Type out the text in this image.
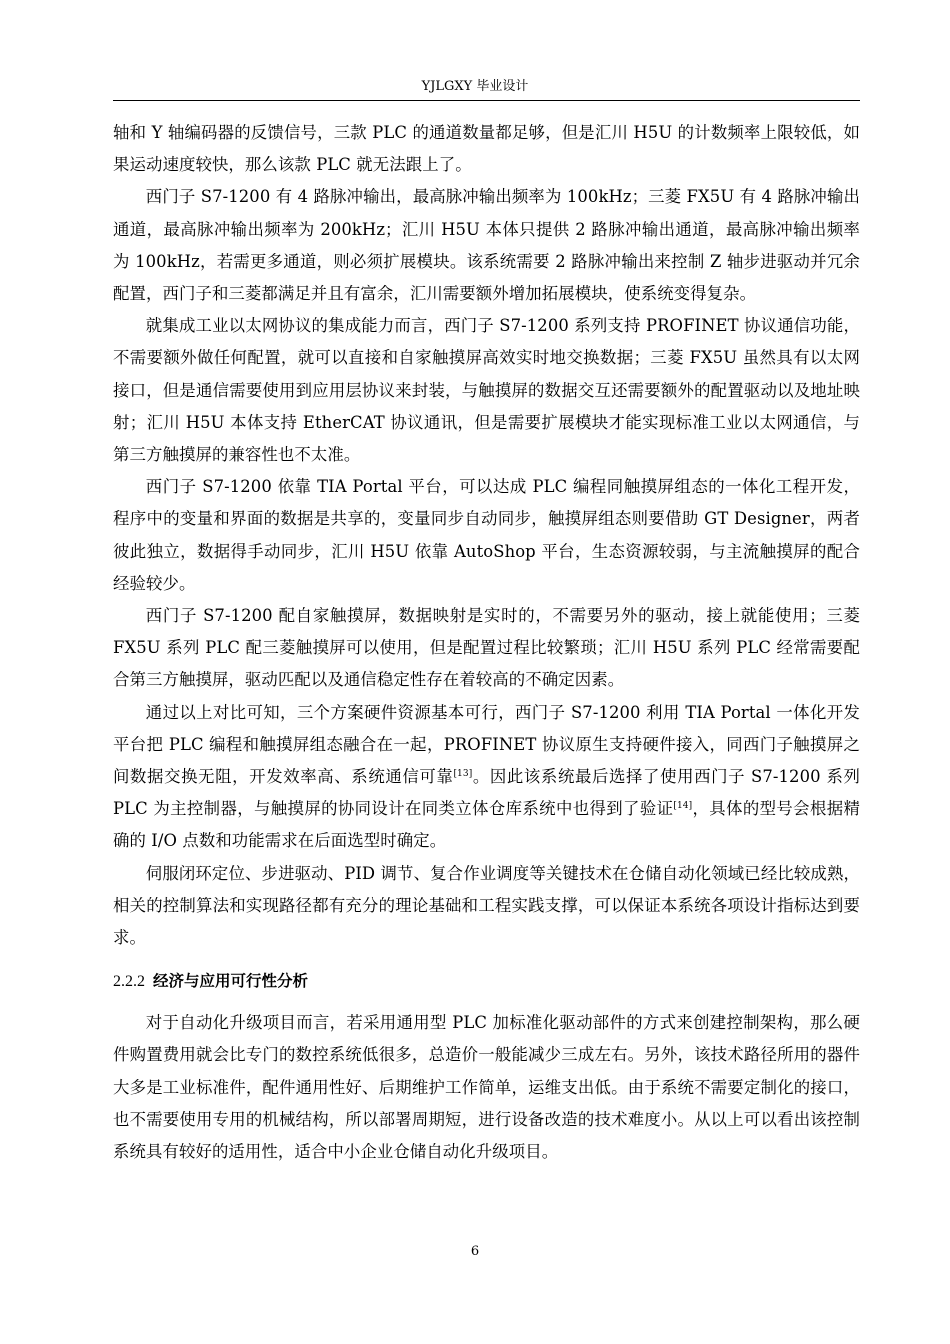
YJLGXY 毕业设计

轴和 Y 轴编码器的反馈信号，三款 PLC 的通道数量都足够，但是汇川 H5U 的计数频率上限较低，如果运动速度较快，那么该款 PLC 就无法跟上了。

西门子 S7-1200 有 4 路脉冲输出，最高脉冲输出频率为 100kHz；三菱 FX5U 有 4 路脉冲输出通道，最高脉冲输出频率为 200kHz；汇川 H5U 本体只提供 2 路脉冲输出通道，最高脉冲输出频率为 100kHz，若需更多通道，则必须扩展模块。该系统需要 2 路脉冲输出来控制 Z 轴步进驱动并冗余配置，西门子和三菱都满足并且有富余，汇川需要额外增加拓展模块，使系统变得复杂。

就集成工业以太网协议的集成能力而言，西门子 S7-1200 系列支持 PROFINET 协议通信功能，不需要额外做任何配置，就可以直接和自家触摸屏高效实时地交换数据；三菱 FX5U 虽然具有以太网接口，但是通信需要使用到应用层协议来封装，与触摸屏的数据交互还需要额外的配置驱动以及地址映射；汇川 H5U 本体支持 EtherCAT 协议通讯，但是需要扩展模块才能实现标准工业以太网通信，与第三方触摸屏的兼容性也不太准。

西门子 S7-1200 依靠 TIA Portal 平台，可以达成 PLC 编程同触摸屏组态的一体化工程开发，程序中的变量和界面的数据是共享的，变量同步自动同步，触摸屏组态则要借助 GT Designer，两者彼此独立，数据得手动同步，汇川 H5U 依靠 AutoShop 平台，生态资源较弱，与主流触摸屏的配合经验较少。

西门子 S7-1200 配自家触摸屏，数据映射是实时的，不需要另外的驱动，接上就能使用；三菱 FX5U 系列 PLC 配三菱触摸屏可以使用，但是配置过程比较繁琐；汇川 H5U 系列 PLC 经常需要配合第三方触摸屏，驱动匹配以及通信稳定性存在着较高的不确定因素。

通过以上对比可知，三个方案硬件资源基本可行，西门子 S7-1200 利用 TIA Portal 一体化开发平台把 PLC 编程和触摸屏组态融合在一起，PROFINET 协议原生支持硬件接入，同西门子触摸屏之间数据交换无阻，开发效率高、系统通信可靠[13]。因此该系统最后选择了使用西门子 S7-1200 系列 PLC 为主控制器，与触摸屏的协同设计在同类立体仓库系统中也得到了验证[14]，具体的型号会根据精确的 I/O 点数和功能需求在后面选型时确定。

伺服闭环定位、步进驱动、PID 调节、复合作业调度等关键技术在仓储自动化领域已经比较成熟，相关的控制算法和实现路径都有充分的理论基础和工程实践支撑，可以保证本系统各项设计指标达到要求。

2.2.2 经济与应用可行性分析

对于自动化升级项目而言，若采用通用型 PLC 加标准化驱动部件的方式来创建控制架构，那么硬件购置费用就会比专门的数控系统低很多，总造价一般能减少三成左右。另外，该技术路径所用的器件大多是工业标准件，配件通用性好、后期维护工作简单，运维支出低。由于系统不需要定制化的接口，也不需要使用专用的机械结构，所以部署周期短，进行设备改造的技术难度小。从以上可以看出该控制系统具有较好的适用性，适合中小企业仓储自动化升级项目。

6
